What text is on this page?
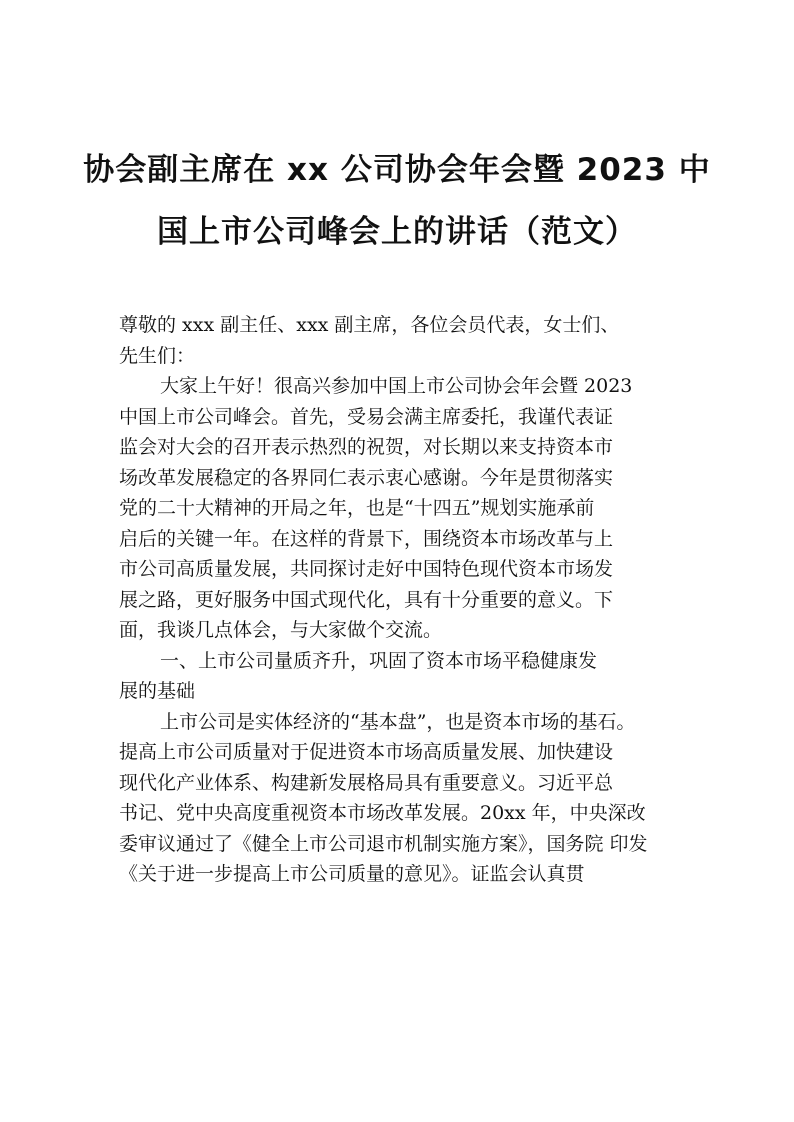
协会副主席在 xx 公司协会年会暨 2023 中
国上市公司峰会上的讲话（范文）
尊敬的 xxx 副主任、xxx 副主席，各位会员代表，女士们、
先生们：
大家上午好！很高兴参加中国上市公司协会年会暨 2023
中国上市公司峰会。首先，受易会满主席委托，我谨代表证
监会对大会的召开表示热烈的祝贺，对长期以来支持资本市
场改革发展稳定的各界同仁表示衷心感谢。今年是贯彻落实
党的二十大精神的开局之年，也是“十四五”规划实施承前
启后的关键一年。在这样的背景下，围绕资本市场改革与上
市公司高质量发展，共同探讨走好中国特色现代资本市场发
展之路，更好服务中国式现代化，具有十分重要的意义。下
面，我谈几点体会，与大家做个交流。
一、上市公司量质齐升，巩固了资本市场平稳健康发
展的基础
上市公司是实体经济的“基本盘”，也是资本市场的基石。
提高上市公司质量对于促进资本市场高质量发展、加快建设
现代化产业体系、构建新发展格局具有重要意义。习近平总
书记、党中央高度重视资本市场改革发展。20xx 年，中央深改
委审议通过了《健全上市公司退市机制实施方案》，国务院 印发
《关于进一步提高上市公司质量的意见》。证监会认真贯
